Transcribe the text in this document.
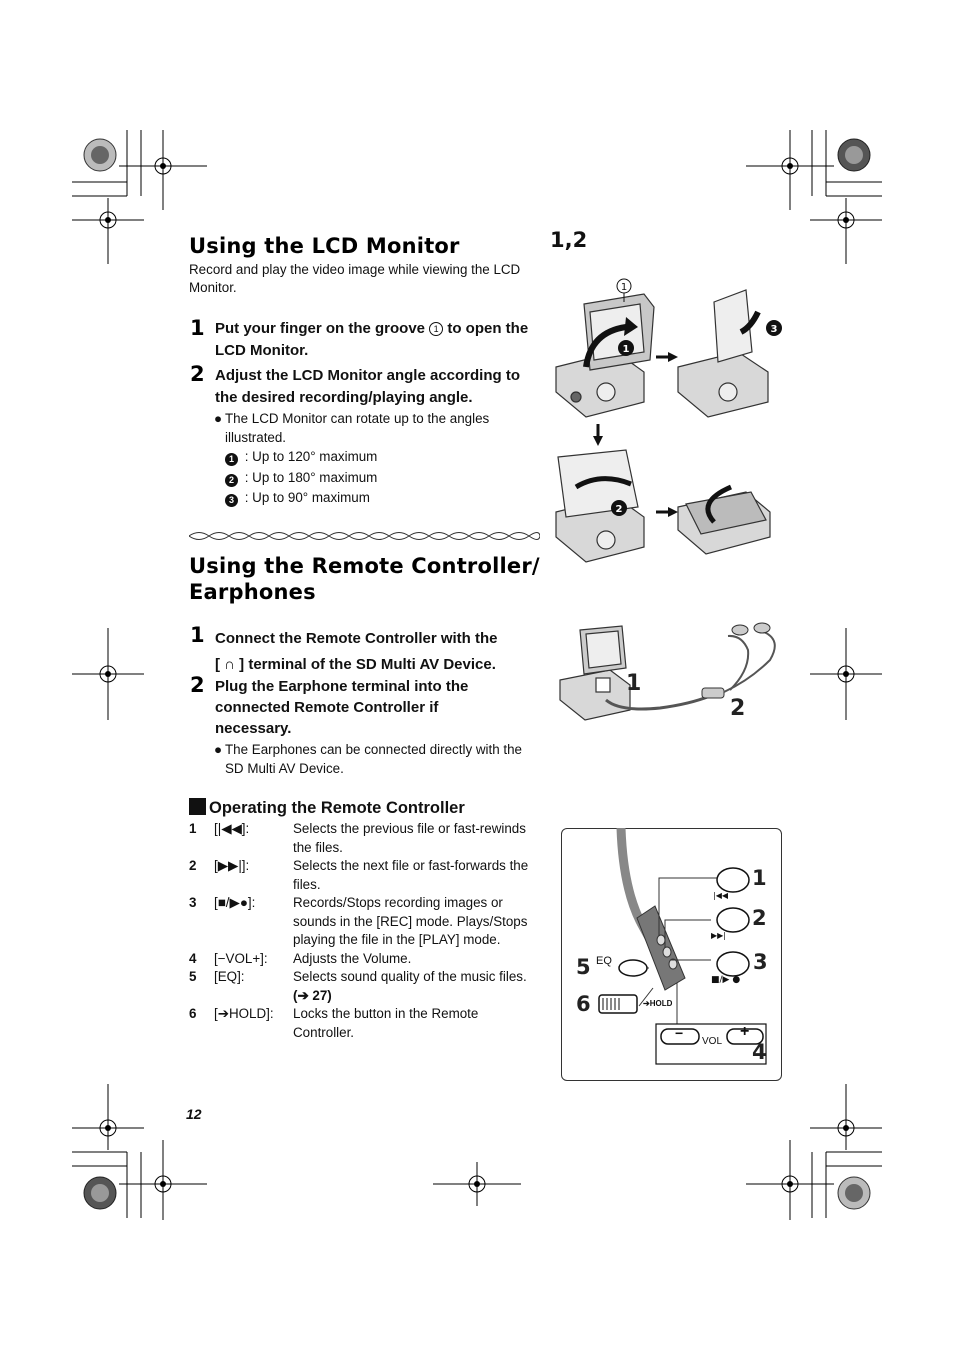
Using the LCD Monitor
Record and play the video image while viewing the LCD Monitor.
1 Put your finger on the groove 1 to open the LCD Monitor.
2 Adjust the LCD Monitor angle according to the desired recording/playing angle.
● The LCD Monitor can rotate up to the angles illustrated.
1 : Up to 120° maximum
2 : Up to 180° maximum
3 : Up to 90° maximum
1,2
1
1
3
2
Using the Remote Controller/
Earphones
1 Connect the Remote Controller with the
[ ∩ ] terminal of the SD Multi AV Device.
2 Plug the Earphone terminal into the connected Remote Controller if necessary.
● The Earphones can be connected directly with the SD Multi AV Device.
1
2
Operating the Remote Controller
1 [|◀◀]:	Selects the previous file or fast-rewinds the files.
2 [▶▶|]:	Selects the next file or fast-forwards the files.
3 [■/▶●]:	Records/Stops recording images or sounds in the [REC] mode. Plays/Stops playing the file in the [PLAY] mode.
4 [−VOL+]: Adjusts the Volume.
5 [EQ]:	Selects sound quality of the music files. (➔ 27)
6 [➔HOLD]: Locks the button in the Remote Controller.
|◀◀
▶▶|
■/▶ ●
1
2
3
4
5
6
EQ
➔HOLD
VOL
−	+
12
